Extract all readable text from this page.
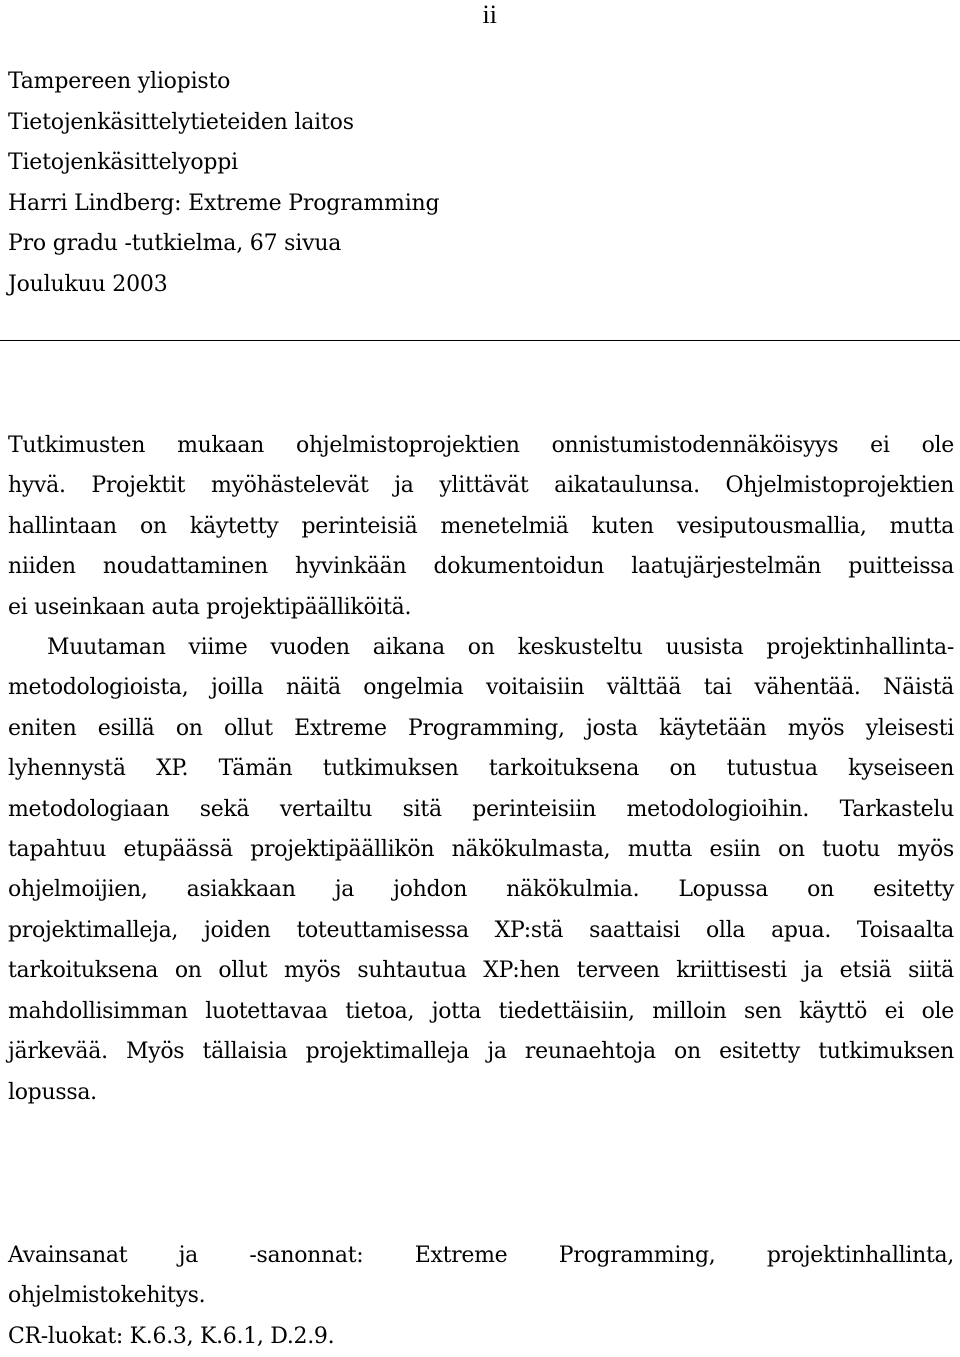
ii
Tampereen yliopisto
Tietojenkäsittelytieteiden laitos
Tietojenkäsittelyoppi
Harri Lindberg: Extreme Programming
Pro gradu -tutkielma, 67 sivua
Joulukuu 2003

Tutkimusten mukaan ohjelmistoprojektien onnistumistodennäköisyys ei ole
hyvä. Projektit myöhästelevät ja ylittävät aikataulunsa. Ohjelmistoprojektien
hallintaan on käytetty perinteisiä menetelmiä kuten vesiputousmallia, mutta
niiden noudattaminen hyvinkään dokumentoidun laatujärjestelmän puitteissa
ei useinkaan auta projektipäälliköitä.

Muutaman viime vuoden aikana on keskusteltu uusista projektinhallinta-
metodologioista, joilla näitä ongelmia voitaisiin välttää tai vähentää. Näistä
eniten esillä on ollut Extreme Programming, josta käytetään myös yleisesti
lyhennystä XP. Tämän tutkimuksen tarkoituksena on tutustua kyseiseen
metodologiaan sekä vertailtu sitä perinteisiin metodologioihin. Tarkastelu
tapahtuu etupäässä projektipäällikön näkökulmasta, mutta esiin on tuotu myös
ohjelmoijien, asiakkaan ja johdon näkökulmia. Lopussa on esitetty
projektimalleja, joiden toteuttamisessa XP:stä saattaisi olla apua. Toisaalta
tarkoituksena on ollut myös suhtautua XP:hen terveen kriittisesti ja etsiä siitä
mahdollisimman luotettavaa tietoa, jotta tiedettäisiin, milloin sen käyttö ei ole
järkevää. Myös tällaisia projektimalleja ja reunaehtoja on esitetty tutkimuksen
lopussa.

Avainsanat ja -sanonnat: Extreme Programming, projektinhallinta,
ohjelmistokehitys.
CR-luokat: K.6.3, K.6.1, D.2.9.
